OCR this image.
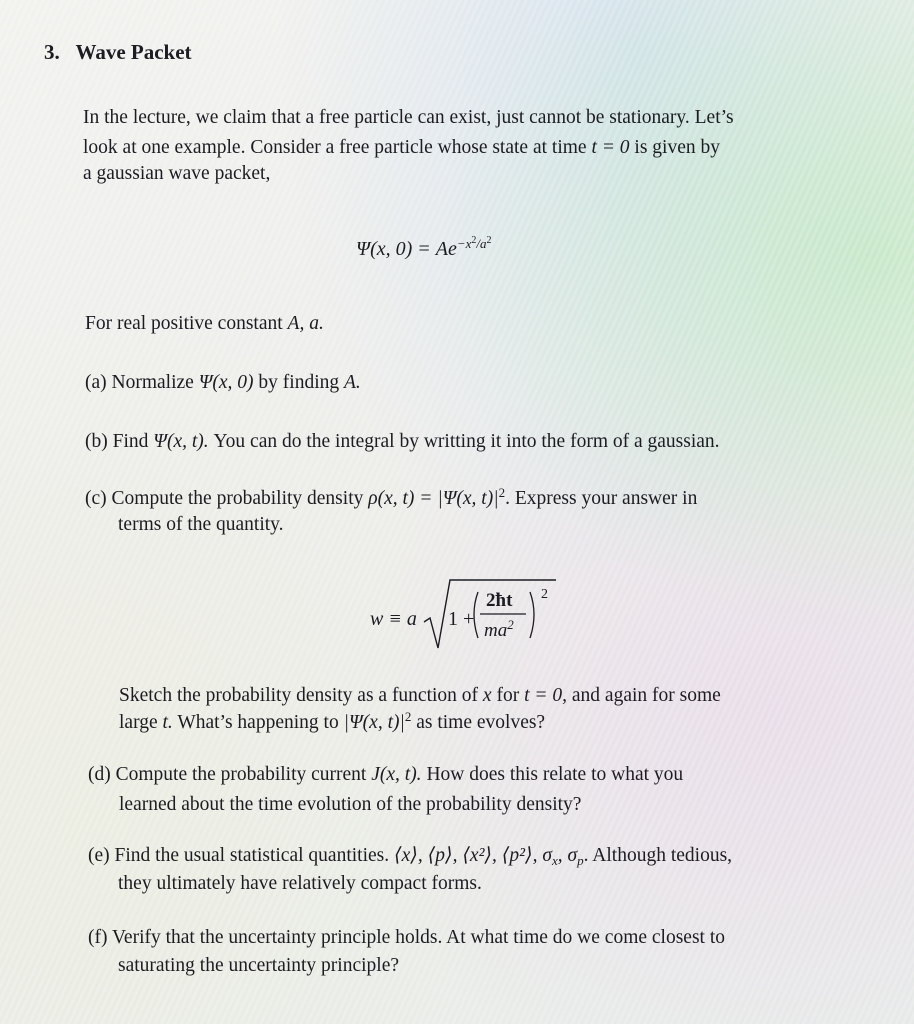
3. Wave Packet
In the lecture, we claim that a free particle can exist, just cannot be stationary. Let’s
look at one example. Consider a free particle whose state at time t = 0 is given by
a gaussian wave packet,
Ψ(x, $0) = Ae^{-x^2/a^2}$
For real positive constant A, a.
(a) Normalize Ψ(x, 0) by finding A.
(b) Find Ψ(x, t). You can do the integral by writting it into the form of a gaussian.
(c) Compute the probability density ρ(x, t) = |Ψ(x, $t)|^2$. Express your answer in
terms of the quantity.
w ≡ a 1 +
2ħt
$ma^2$
2
Sketch the probability density as a function of x for t = 0, and again for some
large t. What’s happening to |Ψ(x, $t)|^2$ as time evolves?
(d) Compute the probability current J(x, t). How does this relate to what you
learned about the time evolution of the probability density?
(e) Find the usual statistical quantities. ⟨x⟩, ⟨p⟩, ⟨x²⟩, ⟨p²⟩, $\sigma_x$, $\sigma_p$. Although tedious,
they ultimately have relatively compact forms.
(f) Verify that the uncertainty principle holds. At what time do we come closest to
saturating the uncertainty principle?
